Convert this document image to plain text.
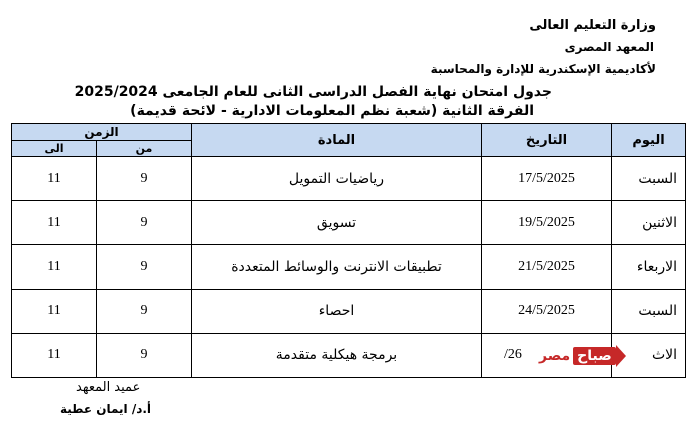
وزارة التعليم العالى
المعهد المصرى
لأكاديمية الإسكندرية للإدارة والمحاسبة
جدول امتحان نهاية الفصل الدراسى الثانى للعام الجامعى 2025/2024
الفرقة الثانية (شعبة نظم المعلومات الادارية - لائحة قديمة)
اليوم	التاريخ	المادة	الزمن	
			من	الى
السبت	17/5/2025	رياضيات التمويل	9	11
الاثنين	19/5/2025	تسويق	9	11
الاربعاء	21/5/2025	تطبيقات الانترنت والوسائط المتعددة	9	11
السبت	24/5/2025	احصاء	9	11
الاث	26/	برمجة هيكلية متقدمة	9	11	مصر صباح
عميد المعهد
أ.د/ ايمان عطية
